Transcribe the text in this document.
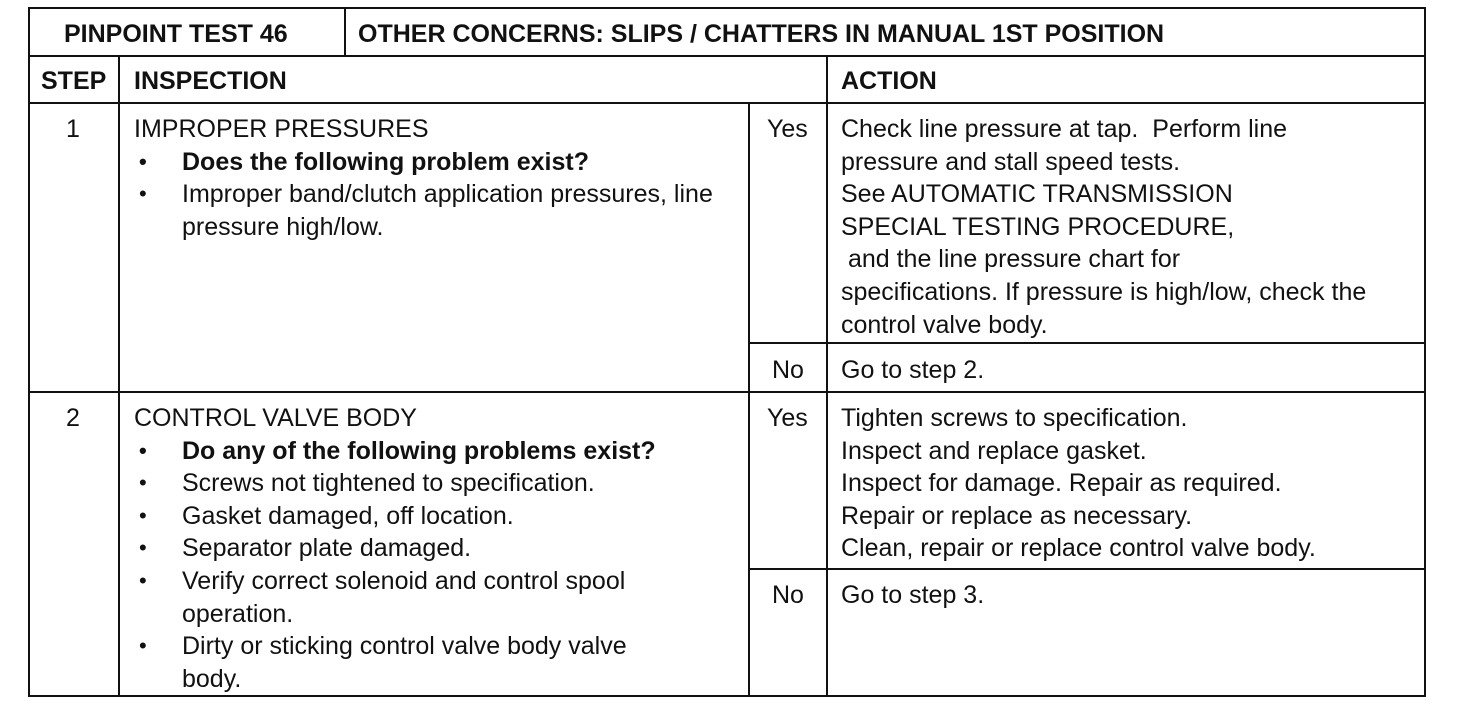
PINPOINT TEST 46	OTHER CONCERNS: SLIPS / CHATTERS IN MANUAL 1ST POSITION
STEP INSPECTION	ACTION
1 IMPROPER PRESSURES
• Does the following problem exist?
• Improper band/clutch application pressures, line pressure high/low.
Yes
No
Check line pressure at tap.  Perform line
pressure and stall speed tests.
See AUTOMATIC TRANSMISSION
SPECIAL TESTING PROCEDURE,
and the line pressure chart for
specifications. If pressure is high/low, check the
control valve body.
Go to step 2.
2 CONTROL VALVE BODY
• Do any of the following problems exist?
• Screws not tightened to specification.
• Gasket damaged, off location.
• Separator plate damaged.
• Verify correct solenoid and control spool operation.
• Dirty or sticking control valve body valve body.
Yes
No
Tighten screws to specification.
Inspect and replace gasket.
Inspect for damage. Repair as required.
Repair or replace as necessary.
Clean, repair or replace control valve body.
Go to step 3.
